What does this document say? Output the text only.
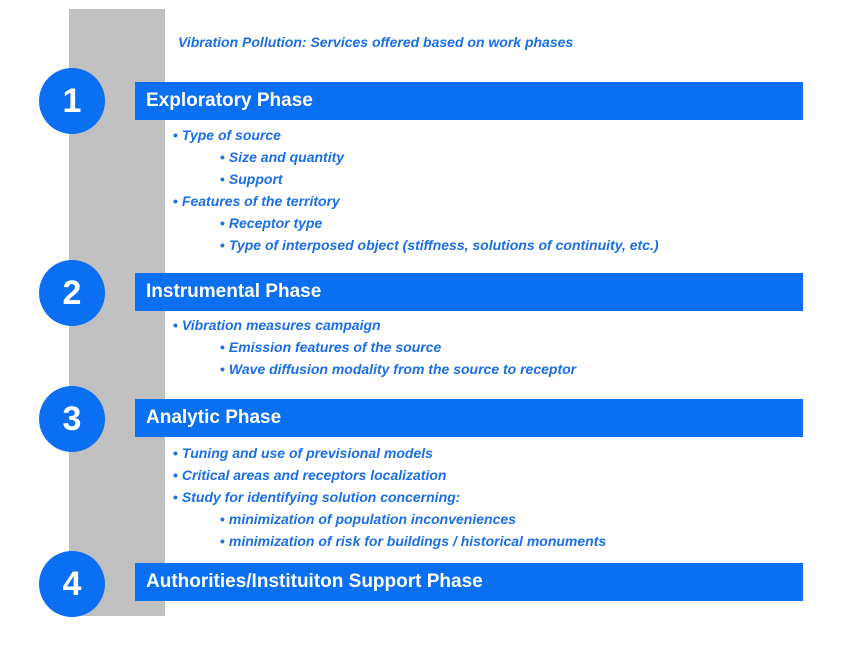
Vibration Pollution: Services offered based on work phases
1	Exploratory Phase
• Type of source
• Size and quantity
• Support
• Features of the territory
• Receptor type
• Type of interposed object (stiffness, solutions of continuity, etc.)
2	Instrumental Phase
• Vibration measures campaign
• Emission features of the source
• Wave diffusion modality from the source to receptor
3	Analytic Phase
• Tuning and use of previsional models
• Critical areas and receptors localization
• Study for identifying solution concerning:
• minimization of population inconveniences
• minimization of risk for buildings / historical monuments
4	Authorities/Instituiton Support Phase
